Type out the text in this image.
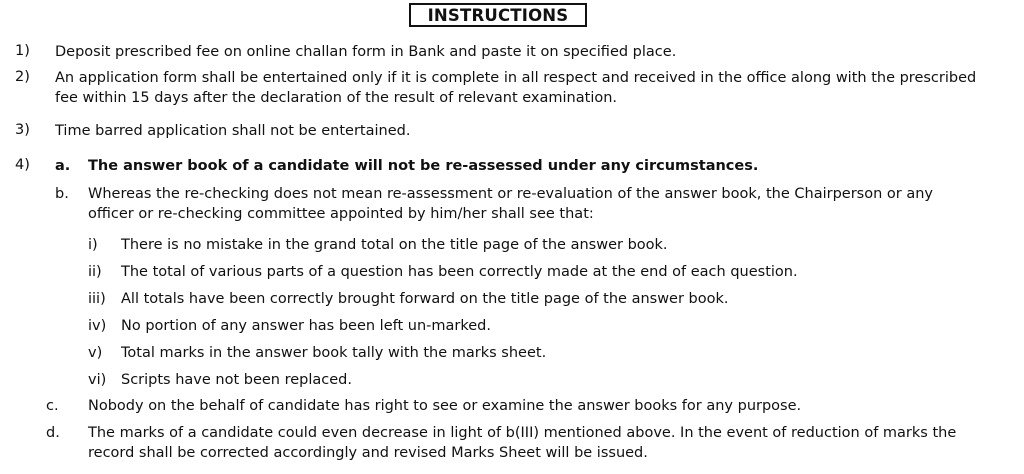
INSTRUCTIONS
1) Deposit prescribed fee on online challan form in Bank and paste it on specified place.
2) An application form shall be entertained only if it is complete in all respect and received in the office along with the prescribed
fee within 15 days after the declaration of the result of relevant examination.
3) Time barred application shall not be entertained.
4) a. The answer book of a candidate will not be re-assessed under any circumstances.
b. Whereas the re-checking does not mean re-assessment or re-evaluation of the answer book, the Chairperson or any
officer or re-checking committee appointed by him/her shall see that:
i) There is no mistake in the grand total on the title page of the answer book.
ii) The total of various parts of a question has been correctly made at the end of each question.
iii) All totals have been correctly brought forward on the title page of the answer book.
iv) No portion of any answer has been left un-marked.
v) Total marks in the answer book tally with the marks sheet.
vi) Scripts have not been replaced.
c. Nobody on the behalf of candidate has right to see or examine the answer books for any purpose.
d. The marks of a candidate could even decrease in light of b(III) mentioned above. In the event of reduction of marks the
record shall be corrected accordingly and revised Marks Sheet will be issued.
